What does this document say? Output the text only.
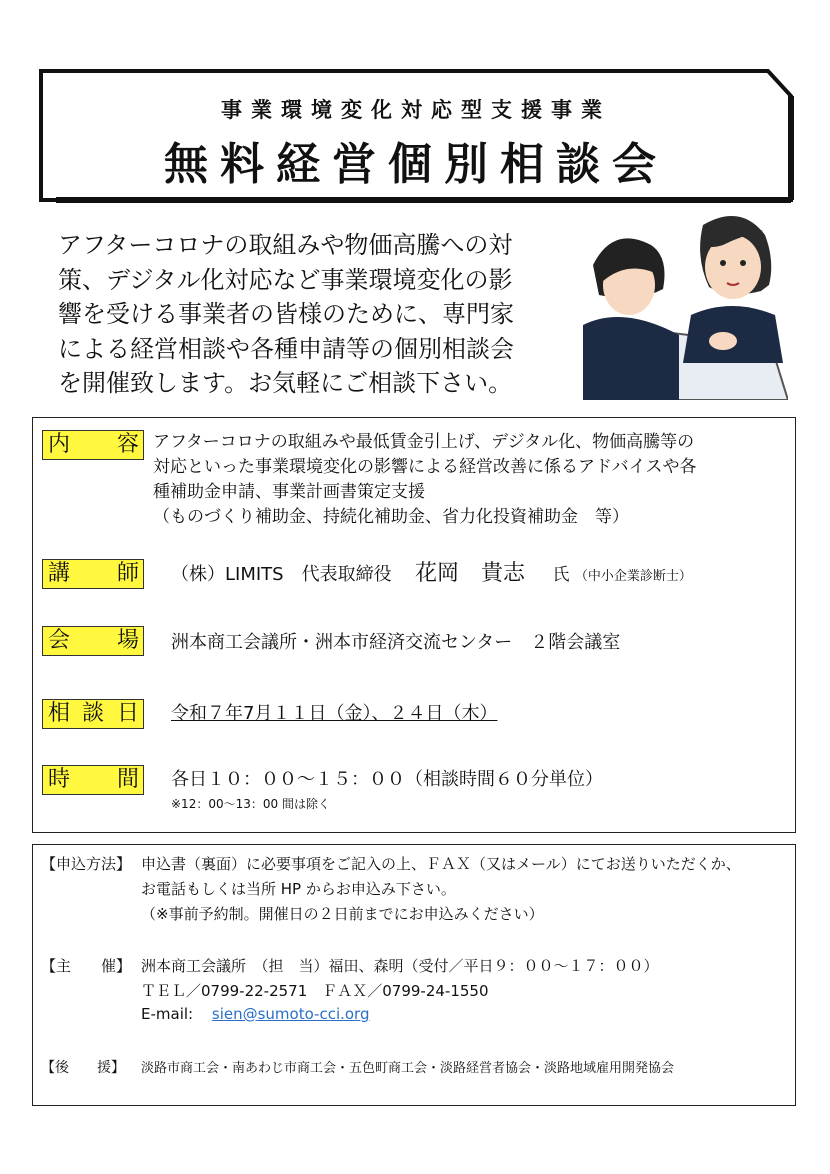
事業環境変化対応型支援事業
無料経営個別相談会
アフターコロナの取組みや物価高騰への対
策、デジタル化対応など事業環境変化の影
響を受ける事業者の皆様のために、専門家
による経営相談や各種申請等の個別相談会
を開催致します。お気軽にご相談下さい。
内 容 アフターコロナの取組みや最低賃金引上げ、デジタル化、物価高騰等の
対応といった事業環境変化の影響による経営改善に係るアドバイスや各
種補助金申請、事業計画書策定支援
（ものづくり補助金、持続化補助金、省力化投資補助金　等）
講 師 （株）LIMITS　代表取締役 花岡　貴志 氏 （中小企業診断士）
会 場 洲本商工会議所・洲本市経済交流センター　２階会議室
相 談 日 令和７年7月１１日（金）、２４日（木）
時 間 各日１０：００～１５：００（相談時間６０分単位）
※12：00～13：00 間は除く
【申込方法】 申込書（裏面）に必要事項をご記入の上、ＦＡＸ（又はメール）にてお送りいただくか、
お電話もしくは当所 HP からお申込み下さい。
（※事前予約制。開催日の２日前までにお申込みください）
【主　　催】 洲本商工会議所　（担　当）福田、森明（受付／平日９：００～１７：００）
ＴＥＬ／0799-22-2571　ＦＡＸ／0799-24-1550
E-mail: sien@sumoto-cci.org
【後　　援】 淡路市商工会・南あわじ市商工会・五色町商工会・淡路経営者協会・淡路地域雇用開発協会
